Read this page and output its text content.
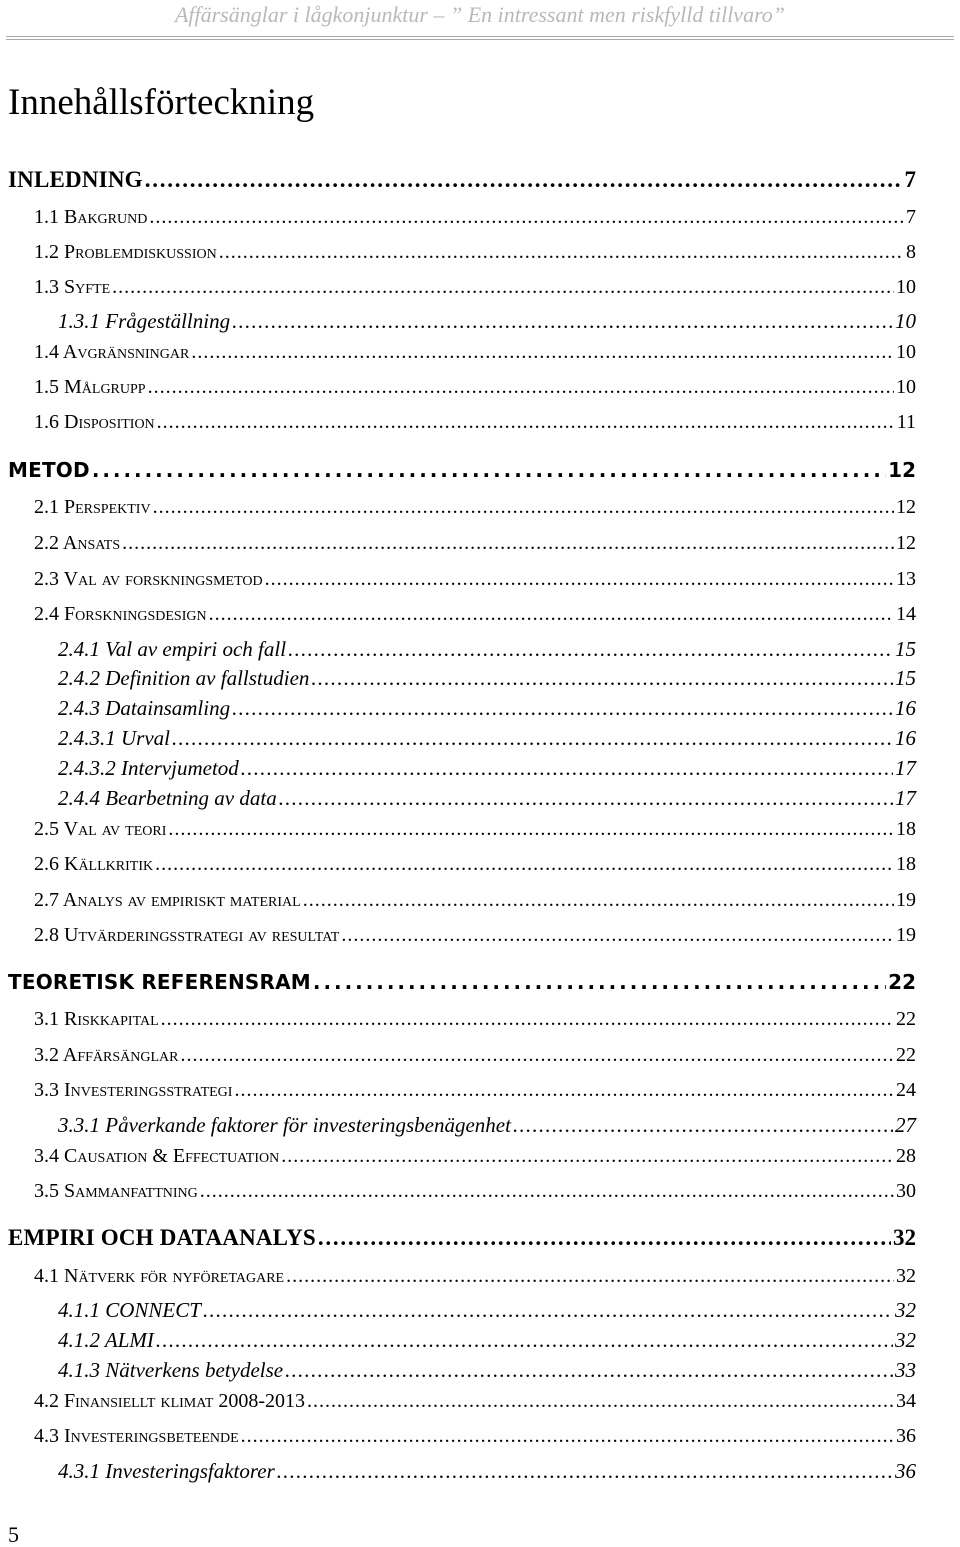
Affärsänglar i lågkonjunktur – ” En intressant men riskfylld tillvaro”
Innehållsförteckning
INLEDNING . . .	7
1.1 Bakgrund . . .	7
1.2 Problemdiskussion . . .	8
1.3 Syfte . . .	10
1.3.1 Frågeställning . . .	10
1.4 Avgränsningar . . .	10
1.5 Målgrupp . . .	10
1.6 Disposition . . .	11
METOD . . .	12
2.1 Perspektiv . . .	12
2.2 Ansats . . .	12
2.3 Val av forskningsmetod . . .	13
2.4 Forskningsdesign . . .	14
2.4.1 Val av empiri och fall . . .	15
2.4.2 Definition av fallstudien . . .	15
2.4.3 Datainsamling . . .	16
2.4.3.1 Urval . . .	16
2.4.3.2 Intervjumetod . . .	17
2.4.4 Bearbetning av data . . .	17
2.5 Val av teori . . .	18
2.6 Källkritik . . .	18
2.7 Analys av empiriskt material . . .	19
2.8 Utvärderingsstrategi av resultat . . .	19
TEORETISK REFERENSRAM . . .	22
3.1 Riskkapital . . .	22
3.2 Affärsänglar . . .	22
3.3 Investeringsstrategi . . .	24
3.3.1 Påverkande faktorer för investeringsbenägenhet . . .	27
3.4 Causation & Effectuation . . .	28
3.5 Sammanfattning . . .	30
EMPIRI OCH DATAANALYS . . .	32
4.1 Nätverk för nyföretagare . . .	32
4.1.1 CONNECT . . .	32
4.1.2 ALMI . . .	32
4.1.3 Nätverkens betydelse . . .	33
4.2 Finansiellt klimat 2008-2013 . . .	34
4.3 Investeringsbeteende . . .	36
4.3.1 Investeringsfaktorer . . .	36
5
